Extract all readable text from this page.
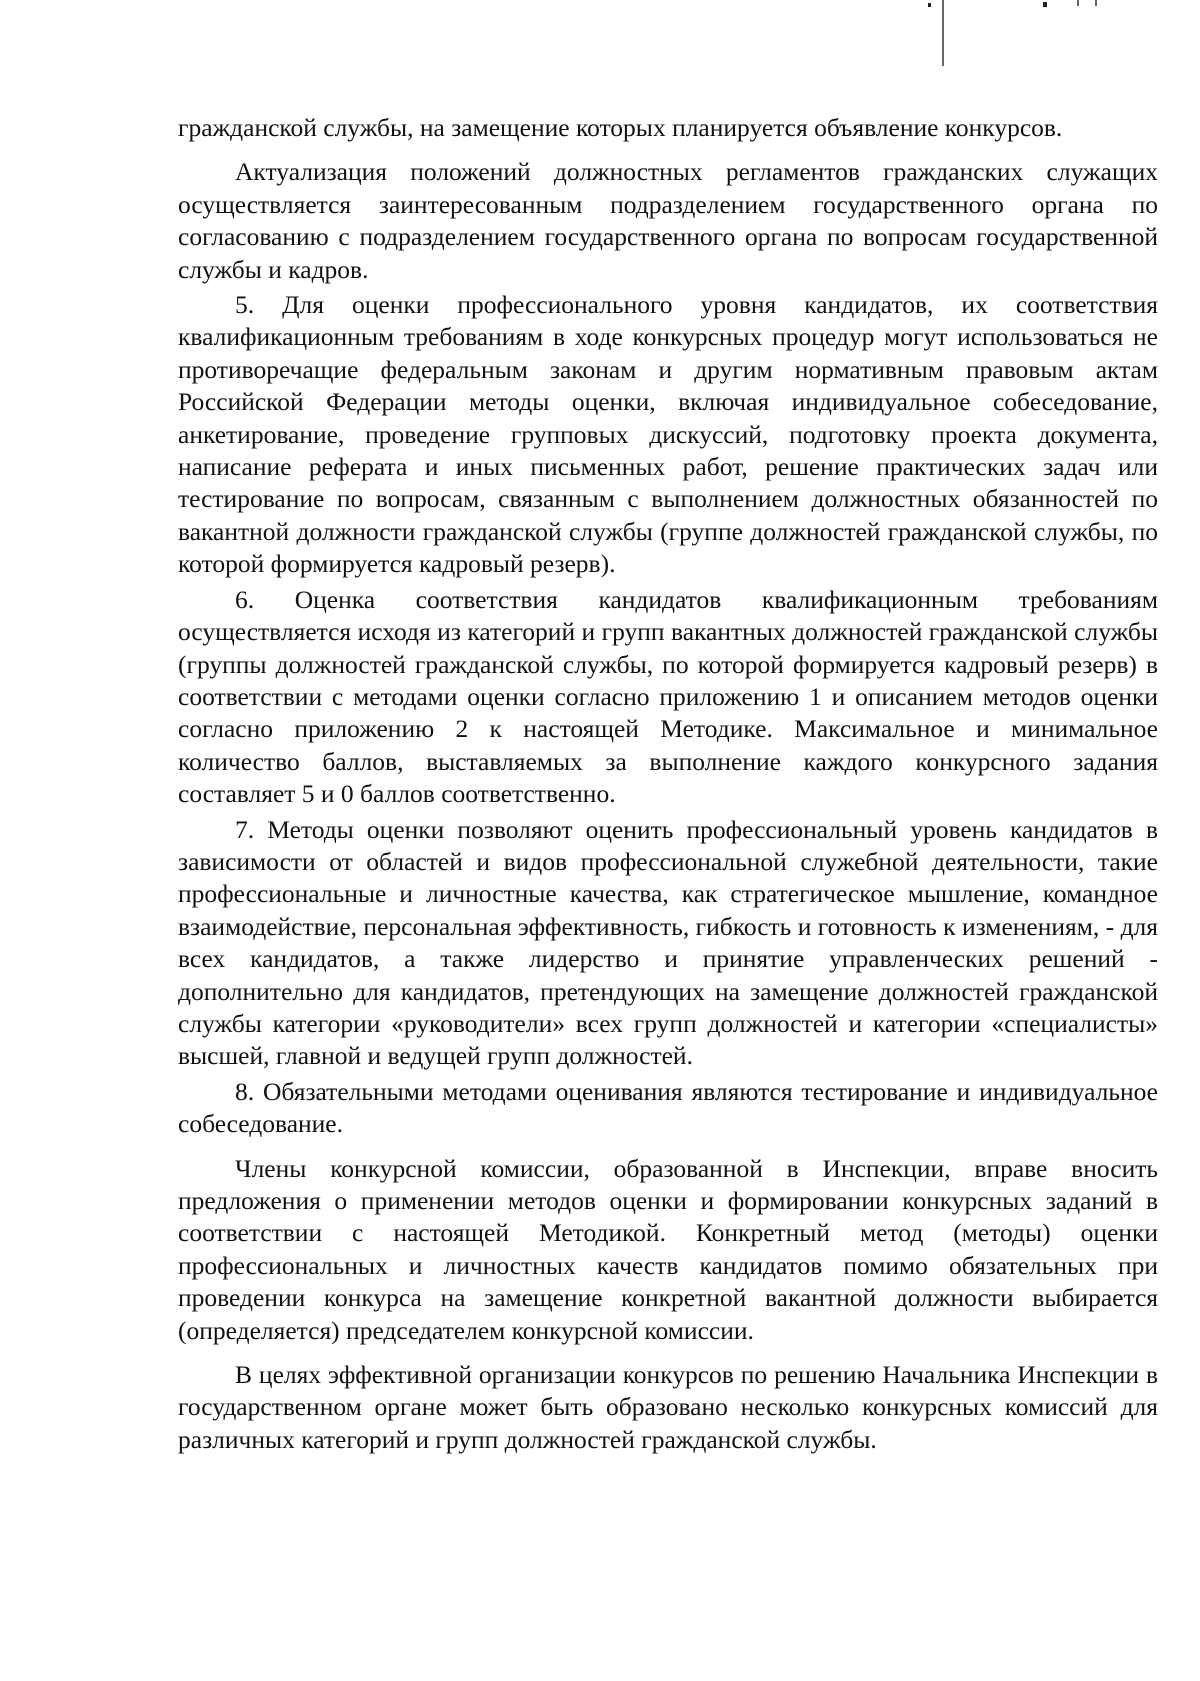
гражданской службы, на замещение которых планируется объявление конкурсов.

Актуализация положений должностных регламентов гражданских служащих осуществляется заинтересованным подразделением государственного органа по согласованию с подразделением государственного органа по вопросам государственной службы и кадров.

5. Для оценки профессионального уровня кандидатов, их соответствия квалификационным требованиям в ходе конкурсных процедур могут использоваться не противоречащие федеральным законам и другим нормативным правовым актам Российской Федерации методы оценки, включая индивидуальное собеседование, анкетирование, проведение групповых дискуссий, подготовку проекта документа, написание реферата и иных письменных работ, решение практических задач или тестирование по вопросам, связанным с выполнением должностных обязанностей по вакантной должности гражданской службы (группе должностей гражданской службы, по которой формируется кадровый резерв).

6. Оценка соответствия кандидатов квалификационным требованиям осуществляется исходя из категорий и групп вакантных должностей гражданской службы (группы должностей гражданской службы, по которой формируется кадровый резерв) в соответствии с методами оценки согласно приложению 1 и описанием методов оценки согласно приложению 2 к настоящей Методике. Максимальное и минимальное количество баллов, выставляемых за выполнение каждого конкурсного задания составляет 5 и 0 баллов соответственно.

7. Методы оценки позволяют оценить профессиональный уровень кандидатов в зависимости от областей и видов профессиональной служебной деятельности, такие профессиональные и личностные качества, как стратегическое мышление, командное взаимодействие, персональная эффективность, гибкость и готовность к изменениям, - для всех кандидатов, а также лидерство и принятие управленческих решений - дополнительно для кандидатов, претендующих на замещение должностей гражданской службы категории «руководители» всех групп должностей и категории «специалисты» высшей, главной и ведущей групп должностей.

8. Обязательными методами оценивания являются тестирование и индивидуальное собеседование.

Члены конкурсной комиссии, образованной в Инспекции, вправе вносить предложения о применении методов оценки и формировании конкурсных заданий в соответствии с настоящей Методикой. Конкретный метод (методы) оценки профессиональных и личностных качеств кандидатов помимо обязательных при проведении конкурса на замещение конкретной вакантной должности выбирается (определяется) председателем конкурсной комиссии.

В целях эффективной организации конкурсов по решению Начальника Инспекции в государственном органе может быть образовано несколько конкурсных комиссий для различных категорий и групп должностей гражданской службы.
